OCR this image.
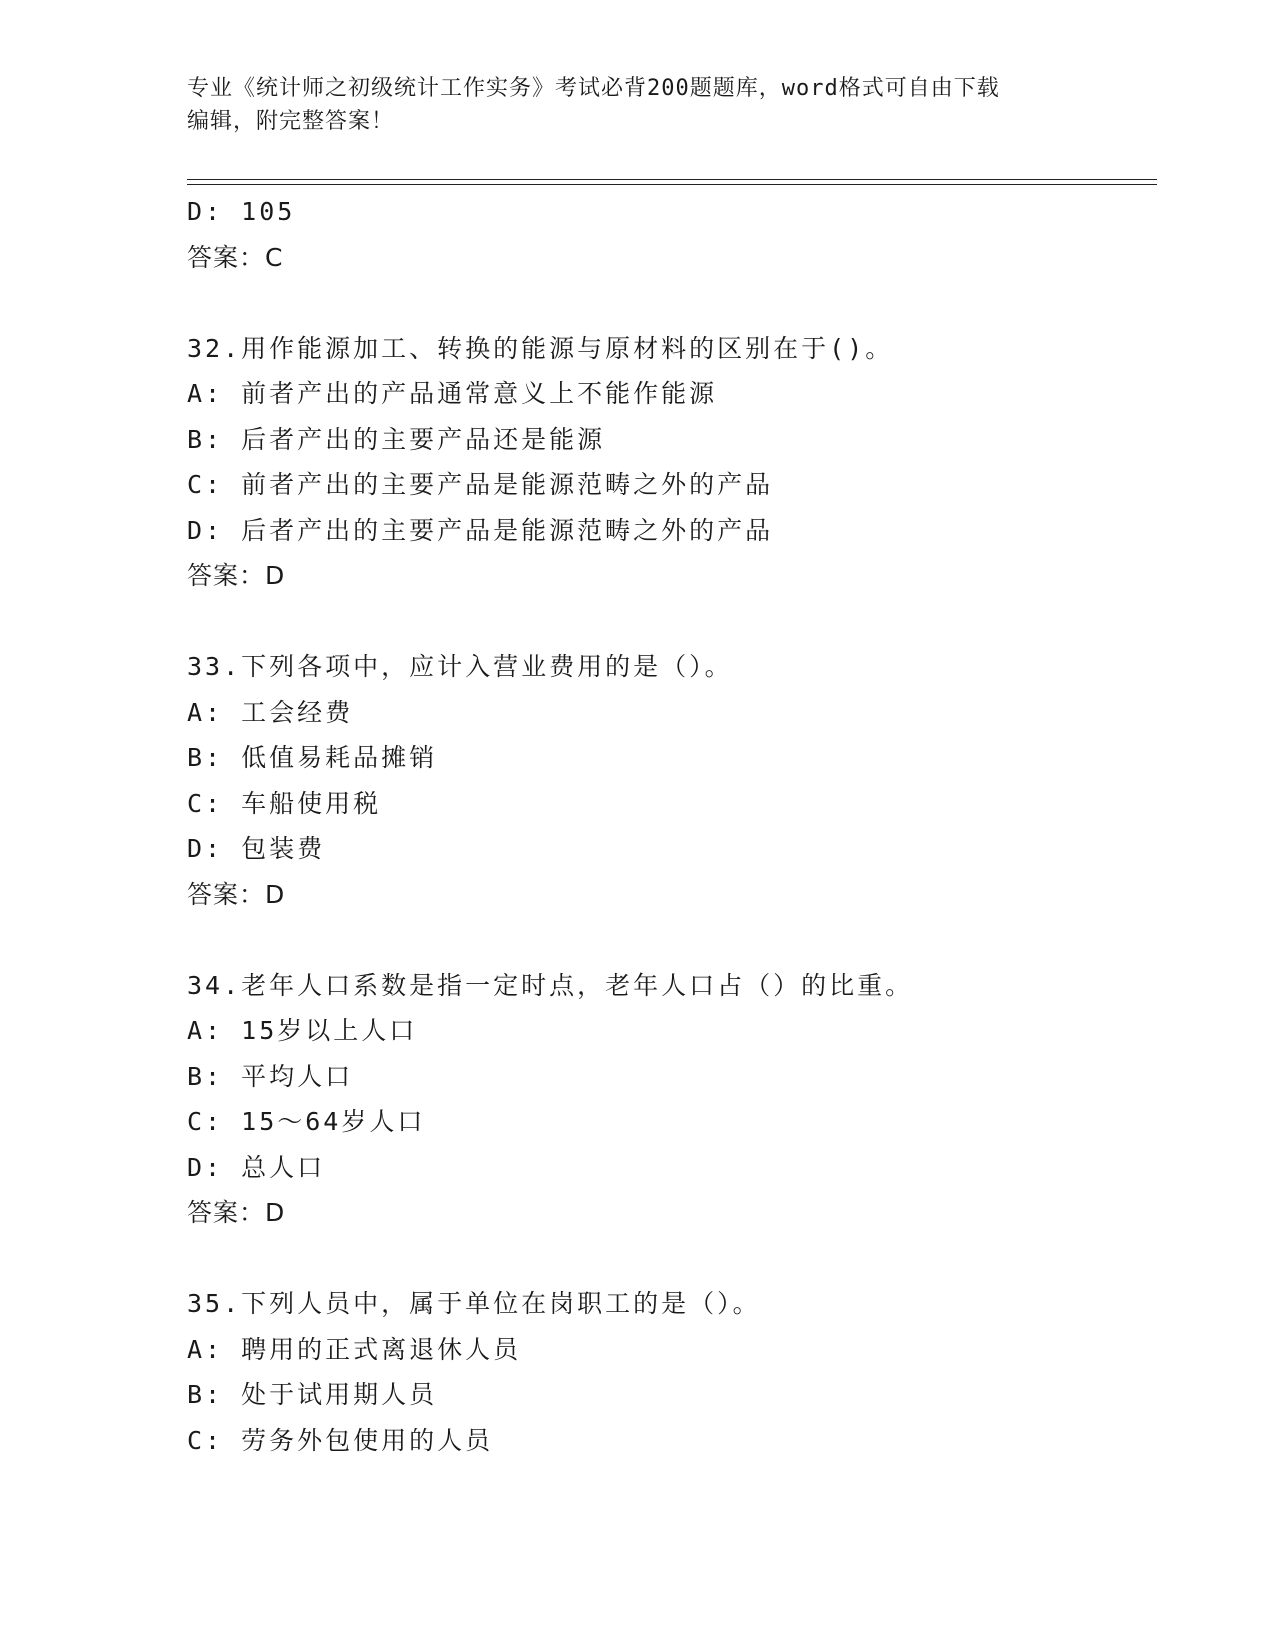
专业《统计师之初级统计工作实务》考试必背200题题库，word格式可自由下载
编辑，附完整答案！
D: 105
答案：C
32.用作能源加工、转换的能源与原材料的区别在于()。
A: 前者产出的产品通常意义上不能作能源
B: 后者产出的主要产品还是能源
C: 前者产出的主要产品是能源范畴之外的产品
D: 后者产出的主要产品是能源范畴之外的产品
答案：D
33.下列各项中，应计入营业费用的是（）。
A: 工会经费
B: 低值易耗品摊销
C: 车船使用税
D: 包装费
答案：D
34.老年人口系数是指一定时点，老年人口占（）的比重。
A: 15岁以上人口
B: 平均人口
C: 15～64岁人口
D: 总人口
答案：D
35.下列人员中，属于单位在岗职工的是（）。
A: 聘用的正式离退休人员
B: 处于试用期人员
C: 劳务外包使用的人员
